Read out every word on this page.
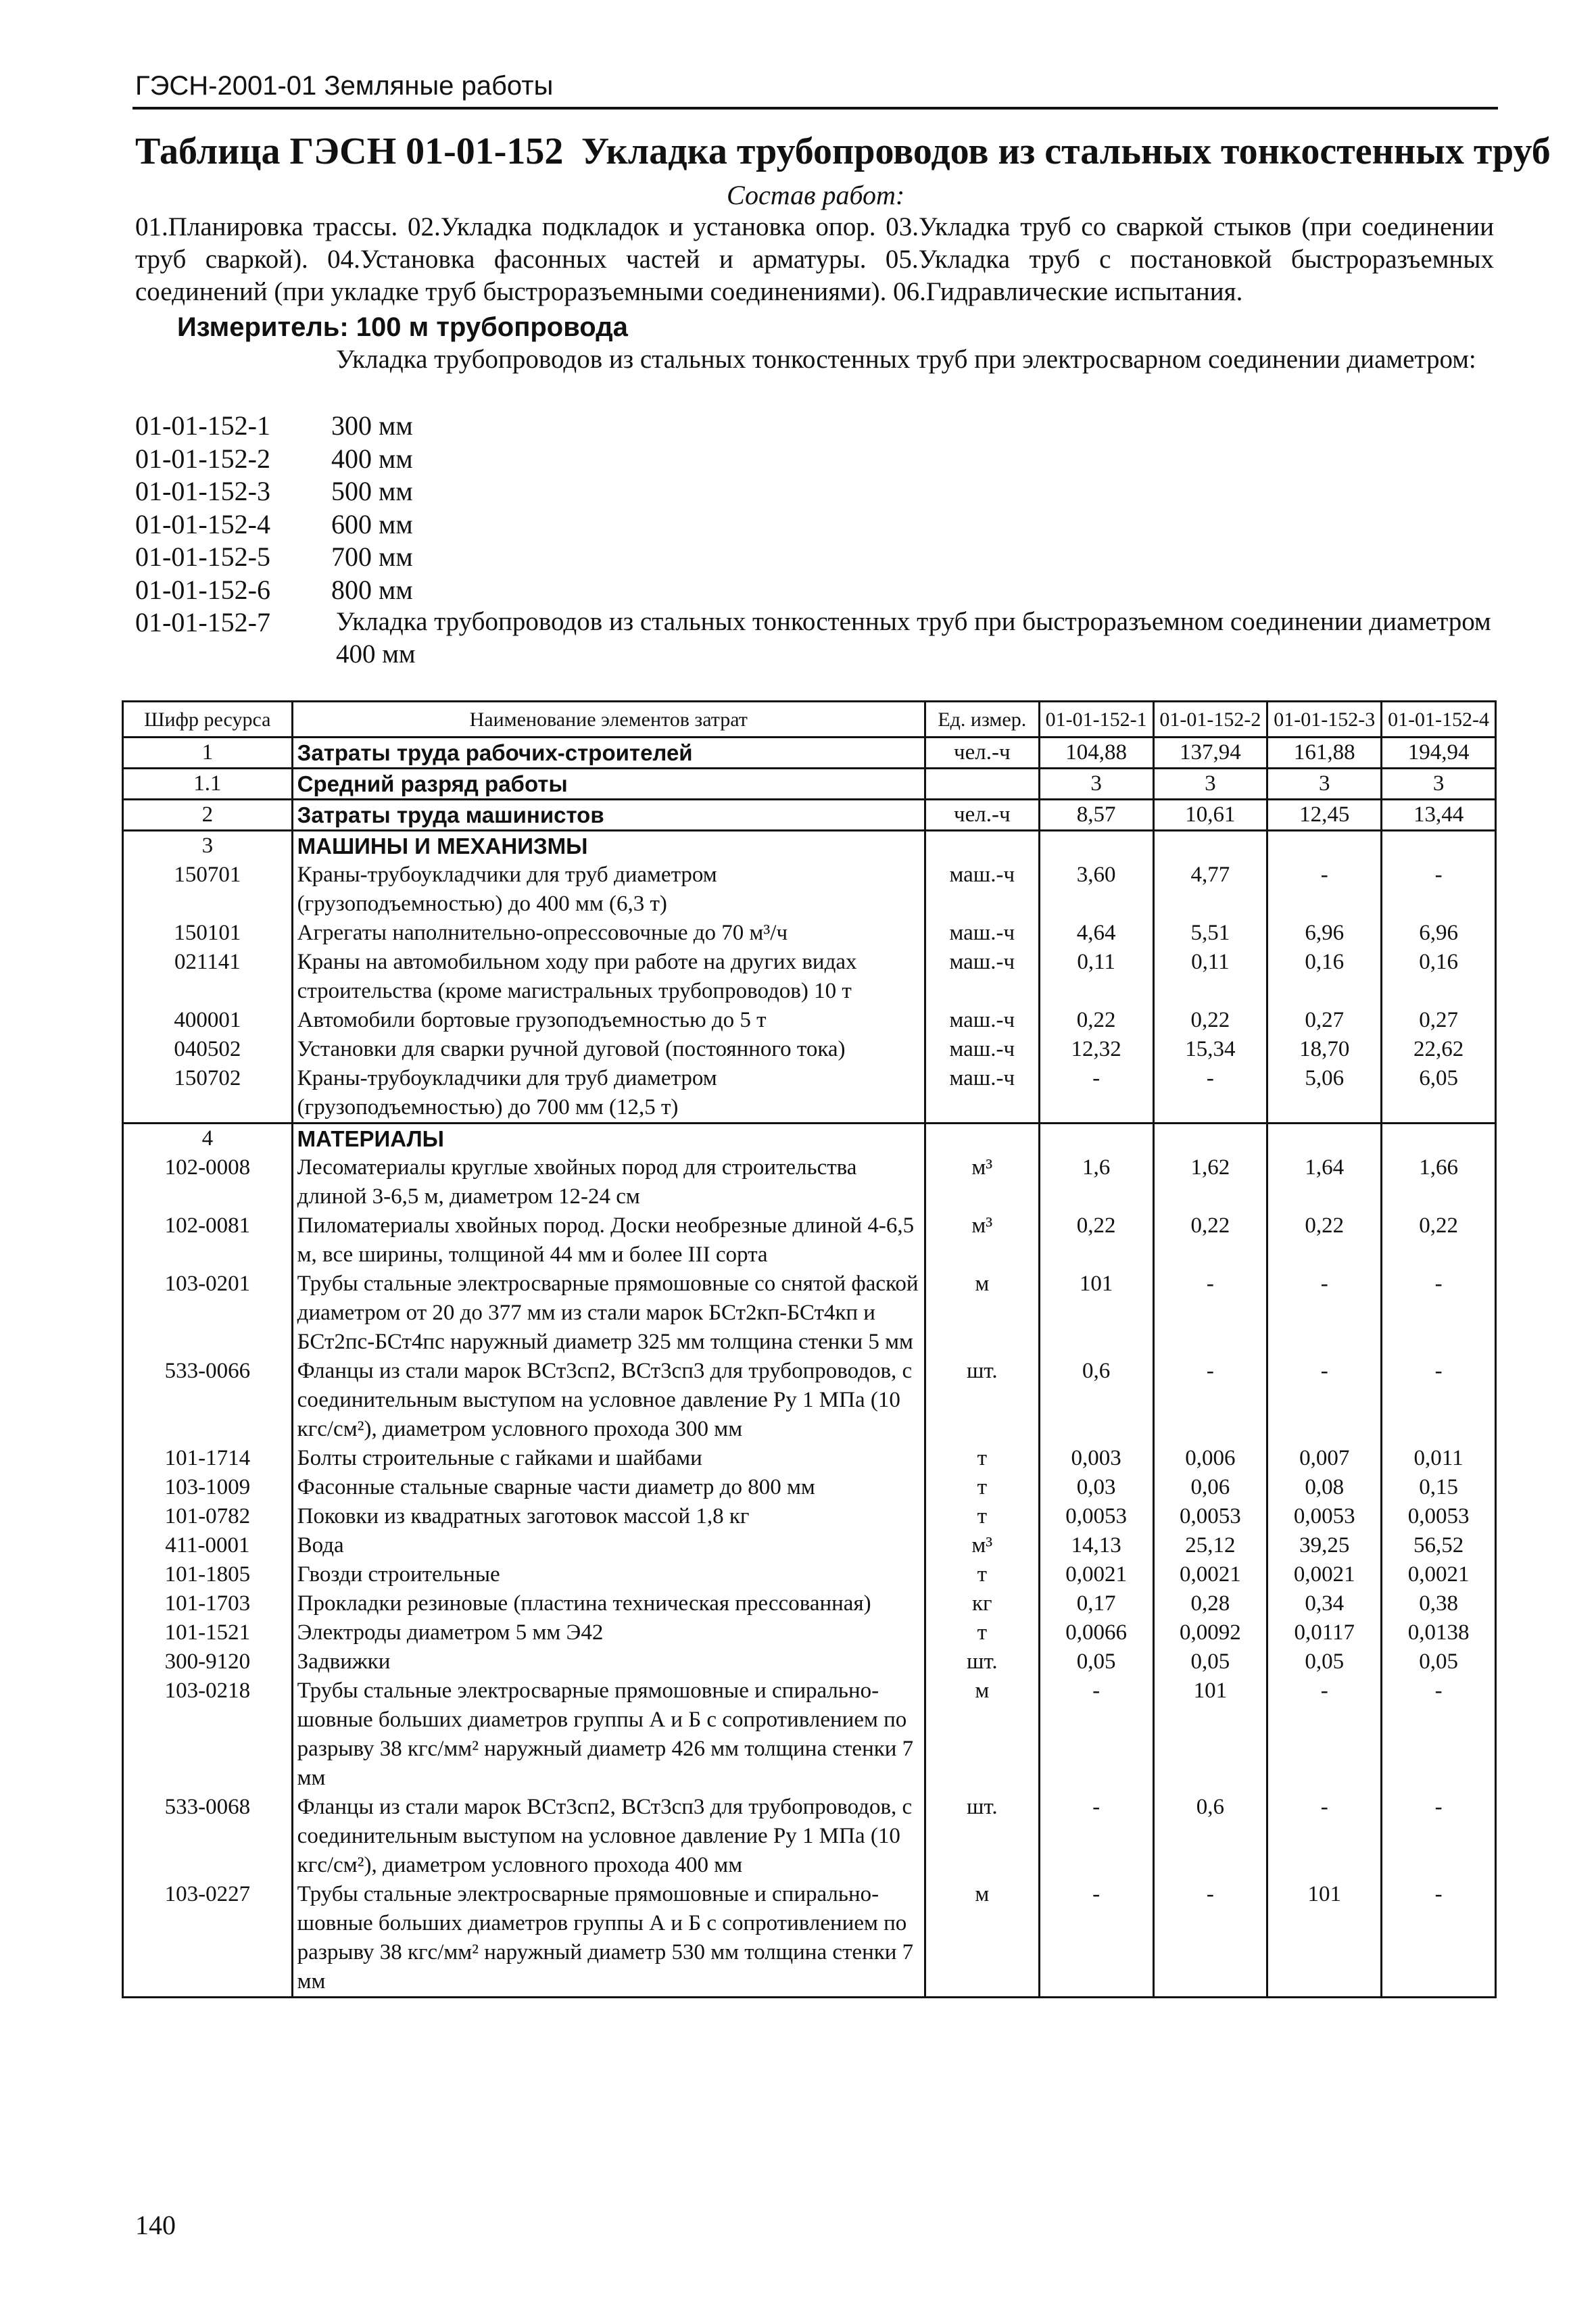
ГЭСН-2001-01 Земляные работы
Таблица ГЭСН 01-01-152 Укладка трубопроводов из стальных тонкостенных труб
Состав работ:
01.Планировка трассы. 02.Укладка подкладок и установка опор. 03.Укладка труб со сваркой стыков (при соединении труб сваркой). 04.Установка фасонных частей и арматуры. 05.Укладка труб с постановкой быстроразъемных соединений (при укладке труб быстроразъемными соединениями). 06.Гидравлические испытания.
Измеритель: 100 м трубопровода
Укладка трубопроводов из стальных тонкостенных труб при электросварном соединении диаметром:
01-01-152-1 300 мм
01-01-152-2 400 мм
01-01-152-3 500 мм
01-01-152-4 600 мм
01-01-152-5 700 мм
01-01-152-6 800 мм
01-01-152-7	Укладка трубопроводов из стальных тонкостенных труб при быстроразъемном соединении диаметром 400 мм
Шифр ресурса	Наименование элементов затрат	Ед. измер.	01-01-152-1	01-01-152-2	01-01-152-3	01-01-152-4
1	Затраты труда рабочих-строителей	чел.-ч	104,88	137,94	161,88	194,94
1.1	Средний разряд работы		3	3	3	3
2	Затраты труда машинистов	чел.-ч	8,57	10,61	12,45	13,44
3	МАШИНЫ И МЕХАНИЗМЫ					
150701	Краны-трубоукладчики для труб диаметром (грузоподъемностью) до 400 мм (6,3 т)	маш.-ч	3,60	4,77	-	-
150101	Агрегаты наполнительно-опрессовочные до 70 м³/ч	маш.-ч	4,64	5,51	6,96	6,96
021141	Краны на автомобильном ходу при работе на других видах строительства (кроме магистральных трубопроводов) 10 т	маш.-ч	0,11	0,11	0,16	0,16
400001	Автомобили бортовые грузоподъемностью до 5 т	маш.-ч	0,22	0,22	0,27	0,27
040502	Установки для сварки ручной дуговой (постоянного тока)	маш.-ч	12,32	15,34	18,70	22,62
150702	Краны-трубоукладчики для труб диаметром (грузоподъемностью) до 700 мм (12,5 т)	маш.-ч	-	-	5,06	6,05
4	МАТЕРИАЛЫ					
102-0008	Лесоматериалы круглые хвойных пород для строительства длиной 3-6,5 м, диаметром 12-24 см	м³	1,6	1,62	1,64	1,66
102-0081	Пиломатериалы хвойных пород. Доски необрезные длиной 4-6,5 м, все ширины, толщиной 44 мм и более III сорта	м³	0,22	0,22	0,22	0,22
103-0201	Трубы стальные электросварные прямошовные со снятой фаской диаметром от 20 до 377 мм из стали марок БСт2кп-БСт4кп и БСт2пс-БСт4пс наружный диаметр 325 мм толщина стенки 5 мм	м	101	-	-	-
533-0066	Фланцы из стали марок ВСт3сп2, ВСт3сп3 для трубопроводов, с соединительным выступом на условное давление Ру 1 МПа (10 кгс/см²), диаметром условного прохода 300 мм	шт.	0,6	-	-	-
101-1714	Болты строительные с гайками и шайбами	т	0,003	0,006	0,007	0,011
103-1009	Фасонные стальные сварные части диаметр до 800 мм	т	0,03	0,06	0,08	0,15
101-0782	Поковки из квадратных заготовок массой 1,8 кг	т	0,0053	0,0053	0,0053	0,0053
411-0001	Вода	м³	14,13	25,12	39,25	56,52
101-1805	Гвозди строительные	т	0,0021	0,0021	0,0021	0,0021
101-1703	Прокладки резиновые (пластина техническая прессованная)	кг	0,17	0,28	0,34	0,38
101-1521	Электроды диаметром 5 мм Э42	т	0,0066	0,0092	0,0117	0,0138
300-9120	Задвижки	шт.	0,05	0,05	0,05	0,05
103-0218	Трубы стальные электросварные прямошовные и спирально-шовные больших диаметров группы А и Б с сопротивлением по разрыву 38 кгс/мм² наружный диаметр 426 мм толщина стенки 7 мм	м	-	101	-	-
533-0068	Фланцы из стали марок ВСт3сп2, ВСт3сп3 для трубопроводов, с соединительным выступом на условное давление Ру 1 МПа (10 кгс/см²), диаметром условного прохода 400 мм	шт.	-	0,6	-	-
103-0227	Трубы стальные электросварные прямошовные и спирально-шовные больших диаметров группы А и Б с сопротивлением по разрыву 38 кгс/мм² наружный диаметр 530 мм толщина стенки 7 мм	м	-	-	101	-
140
